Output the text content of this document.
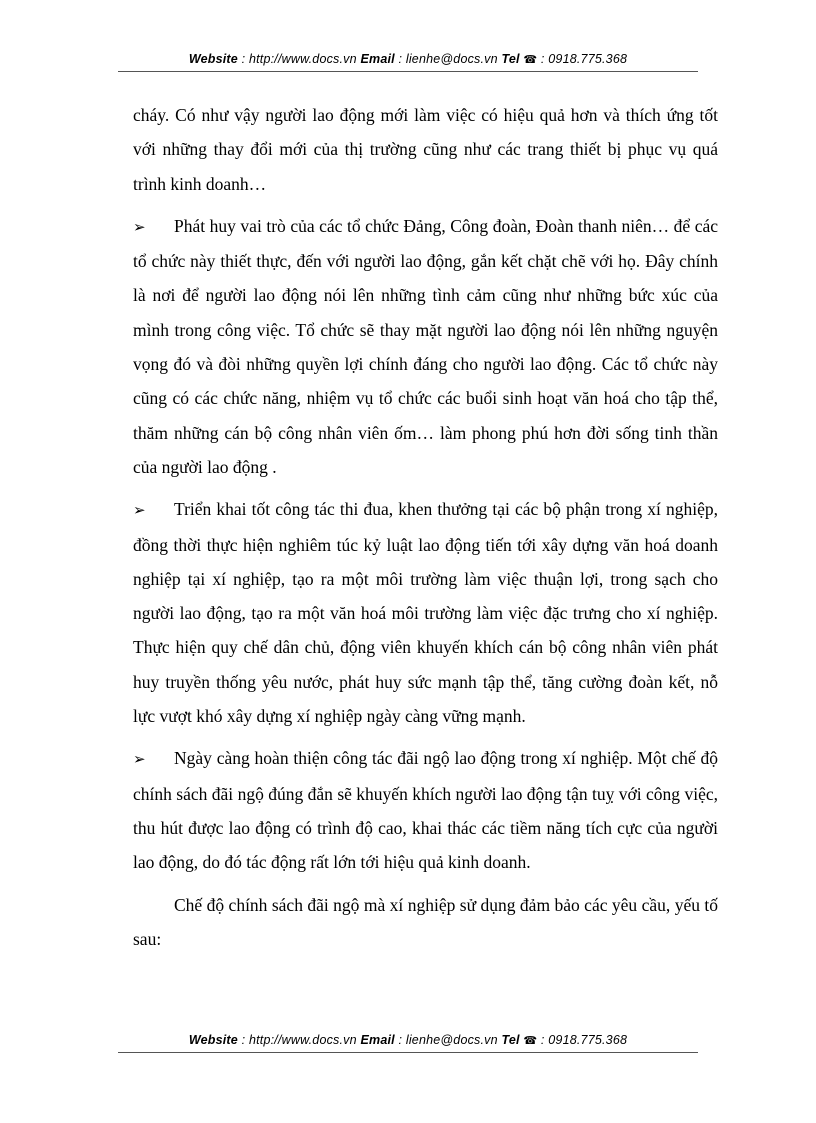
Website : http://www.docs.vn Email : lienhe@docs.vn Tel ☎ : 0918.775.368

cháy. Có như vậy người lao động mới làm việc có hiệu quả hơn và thích ứng tốt với những thay đổi mới của thị trường cũng như các trang thiết bị phục vụ quá trình kinh doanh…

➢ Phát huy vai trò của các tổ chức Đảng, Công đoàn, Đoàn thanh niên… để các tổ chức này thiết thực, đến với người lao động, gắn kết chặt chẽ với họ. Đây chính là nơi để người lao động nói lên những tình cảm cũng như những bức xúc của mình trong công việc. Tổ chức sẽ thay mặt người lao động nói lên những nguyện vọng đó và đòi những quyền lợi chính đáng cho người lao động. Các tổ chức này cũng có các chức năng, nhiệm vụ tổ chức các buổi sinh hoạt văn hoá cho tập thể, thăm những cán bộ công nhân viên ốm… làm phong phú hơn đời sống tinh thần của người lao động .

➢ Triển khai tốt công tác thi đua, khen thưởng tại các bộ phận trong xí nghiệp, đồng thời thực hiện nghiêm túc kỷ luật lao động tiến tới xây dựng văn hoá doanh nghiệp tại xí nghiệp, tạo ra một môi trường làm việc thuận lợi, trong sạch cho người lao động, tạo ra một văn hoá môi trường làm việc đặc trưng cho xí nghiệp. Thực hiện quy chế dân chủ, động viên khuyến khích cán bộ công nhân viên phát huy truyền thống yêu nước, phát huy sức mạnh tập thể, tăng cường đoàn kết, nỗ lực vượt khó xây dựng xí nghiệp ngày càng vững mạnh.

➢ Ngày càng hoàn thiện công tác đãi ngộ lao động trong xí nghiệp. Một chế độ chính sách đãi ngộ đúng đắn sẽ khuyến khích người lao động tận tuỵ với công việc, thu hút được lao động có trình độ cao, khai thác các tiềm năng tích cực của người lao động, do đó tác động rất lớn tới hiệu quả kinh doanh.

Chế độ chính sách đãi ngộ mà xí nghiệp sử dụng đảm bảo các yêu cầu, yếu tố sau:

Website : http://www.docs.vn Email : lienhe@docs.vn Tel ☎ : 0918.775.368
